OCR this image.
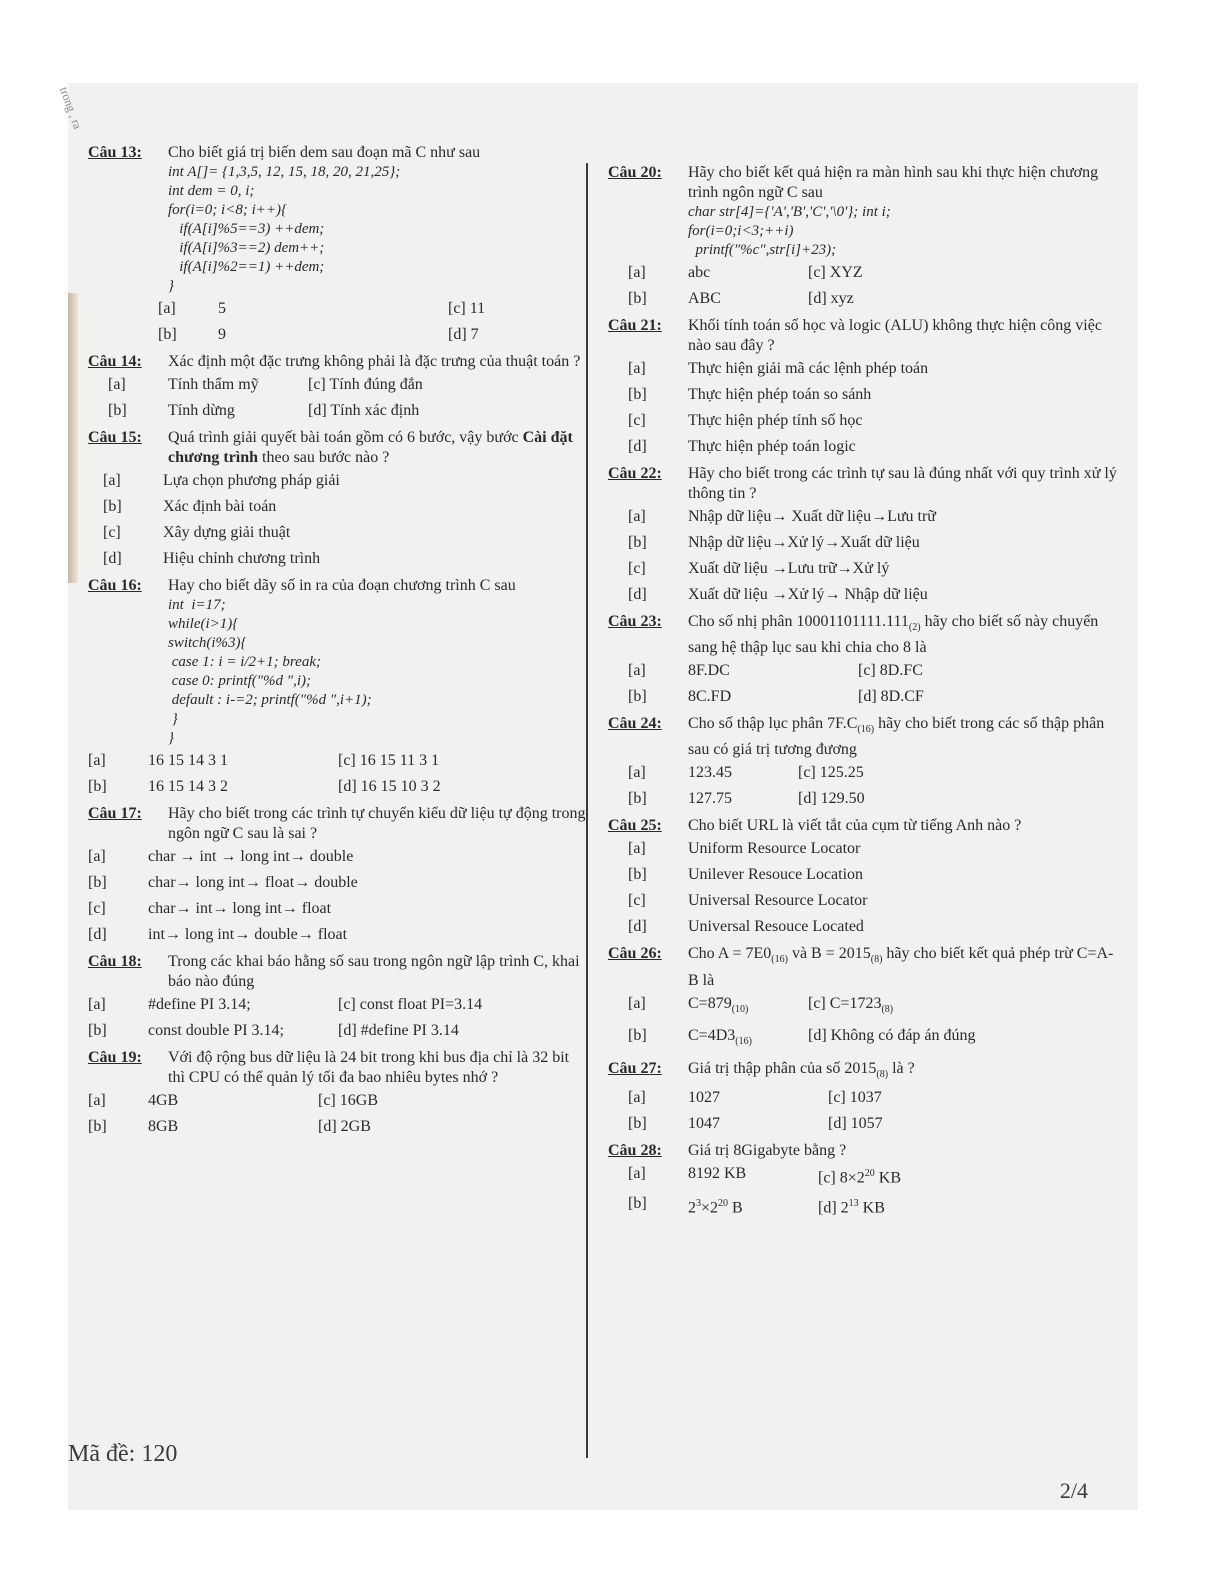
Câu 13:	Cho biết giá trị biến dem sau đoạn mã C như sau
int A[]= {1,3,5, 12, 15, 18, 20, 21,25};
int dem = 0, i;
for(i=0; i<8; i++){
if(A[i]%5==3) ++dem;
if(A[i]%3==2) dem++;
if(A[i]%2==1) ++dem;
}
[a]	5	[c] 11
[b]	9	[d] 7
Câu 14:	Xác định một đặc trưng không phải là đặc trưng của thuật toán ?
[a]	Tính thẩm mỹ	[c] Tính đúng đắn
[b]	Tính dừng	[d] Tính xác định
Câu 15:	Quá trình giải quyết bài toán gồm có 6 bước, vậy bước Cài đặt chương trình theo sau bước nào ?
[a]	Lựa chọn phương pháp giải
[b]	Xác định bài toán
[c]	Xây dựng giải thuật
[d]	Hiệu chỉnh chương trình
Câu 16:	Hay cho biết dãy số in ra của đoạn chương trình C sau
int  i=17;
while(i>1){
switch(i%3){
case 1: i = i/2+1; break;
case 0: printf("%d ",i);
default : i-=2; printf("%d ",i+1);
}
}
[a]	16 15 14 3 1	[c] 16 15 11 3 1
[b]	16 15 14 3 2	[d] 16 15 10 3 2
Câu 17:	Hãy cho biết trong các trình tự chuyển kiểu dữ liệu tự động trong ngôn ngữ C sau là sai ?
[a]	char → int → long int→ double
[b]	char→ long int→ float→ double
[c]	char→ int→ long int→ float
[d]	int→ long int→ double→ float
Câu 18:	Trong các khai báo hằng số sau trong ngôn ngữ lập trình C, khai báo nào đúng
[a]	#define PI 3.14;	[c] const float PI=3.14
[b]	const double PI 3.14;	[d] #define PI 3.14
Câu 19:	Với độ rộng bus dữ liệu là 24 bit trong khi bus địa chỉ là 32 bit thì CPU có thể quản lý tối đa bao nhiêu bytes nhớ ?
[a]	4GB	[c] 16GB
[b]	8GB	[d] 2GB
Câu 20:	Hãy cho biết kết quả hiện ra màn hình sau khi thực hiện chương trình ngôn ngữ C sau
char str[4]={'A','B','C','\0'}; int i;
for(i=0;i<3;++i)
printf("%c",str[i]+23);
[a]	abc	[c] XYZ
[b]	ABC	[d] xyz
Câu 21:	Khối tính toán số học và logic (ALU) không thực hiện công việc nào sau đây ?
[a]	Thực hiện giải mã các lệnh phép toán
[b]	Thực hiện phép toán so sánh
[c]	Thực hiện phép tính số học
[d]	Thực hiện phép toán logic
Câu 22:	Hãy cho biết trong các trình tự sau là đúng nhất với quy trình xử lý thông tin ?
[a]	Nhập dữ liệu→ Xuất dữ liệu→Lưu trữ
[b]	Nhập dữ liệu→Xử lý→Xuất dữ liệu
[c]	Xuất dữ liệu →Lưu trữ→Xử lý
[d]	Xuất dữ liệu →Xử lý→ Nhập dữ liệu
Câu 23:	Cho số nhị phân $10001101111.111_{(2)}$ hãy cho biết số này chuyển sang hệ thập lục sau khi chia cho 8 là
[a]	8F.DC	[c] 8D.FC
[b]	8C.FD	[d] 8D.CF
Câu 24:	Cho số thập lục phân $7F.C_{(16)}$ hãy cho biết trong các số thập phân sau có giá trị tương đương
[a]	123.45	[c] 125.25
[b]	127.75	[d] 129.50
Câu 25:	Cho biết URL là viết tắt của cụm từ tiếng Anh nào ?
[a]	Uniform Resource Locator
[b]	Unilever Resouce Location
[c]	Universal Resource Locator
[d]	Universal Resouce Located
Câu 26:	Cho $A = 7E0_{(16)}$ và $B = 2015_{(8)}$ hãy cho biết kết quả phép trừ C=A-B là
[a]	$C=879_{(10)}$	[c] $C=1723_{(8)}$
[b]	$C=4D3_{(16)}$	[d] Không có đáp án đúng
Câu 27:	Giá trị thập phân của số $2015_{(8)}$ là ?
[a]	1027	[c] 1037
[b]	1047	[d] 1057
Câu 28:	Giá trị 8Gigabyte bằng ?
[a]	8192 KB	[c] $8\times 2^{20}$ KB
[b]	$2^3\times 2^{20}$ B	[d] $2^{13}$ KB
Mã đề: 120
2/4
trong , ra
